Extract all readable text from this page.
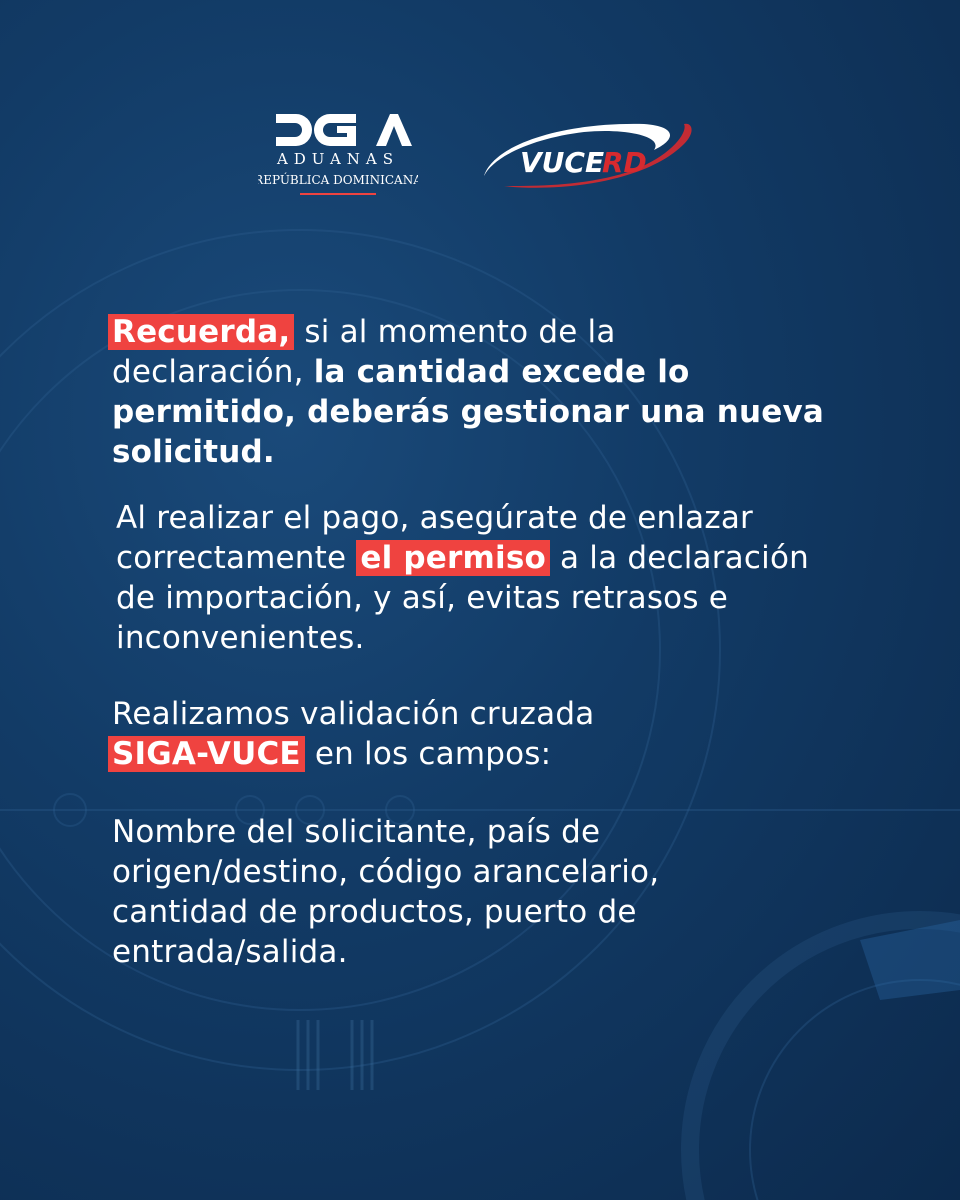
ADUANAS
REPÚBLICA DOMINICANA
VUCE
RD
Recuerda, si al momento de la
declaración, la cantidad excede lo
permitido, deberás gestionar una nueva
solicitud.
Al realizar el pago, asegúrate de enlazar
correctamente el permiso a la declaración
de importación, y así, evitas retrasos e
inconvenientes.
Realizamos validación cruzada
SIGA-VUCE en los campos:
Nombre del solicitante, país de
origen/destino, código arancelario,
cantidad de productos, puerto de
entrada/salida.
